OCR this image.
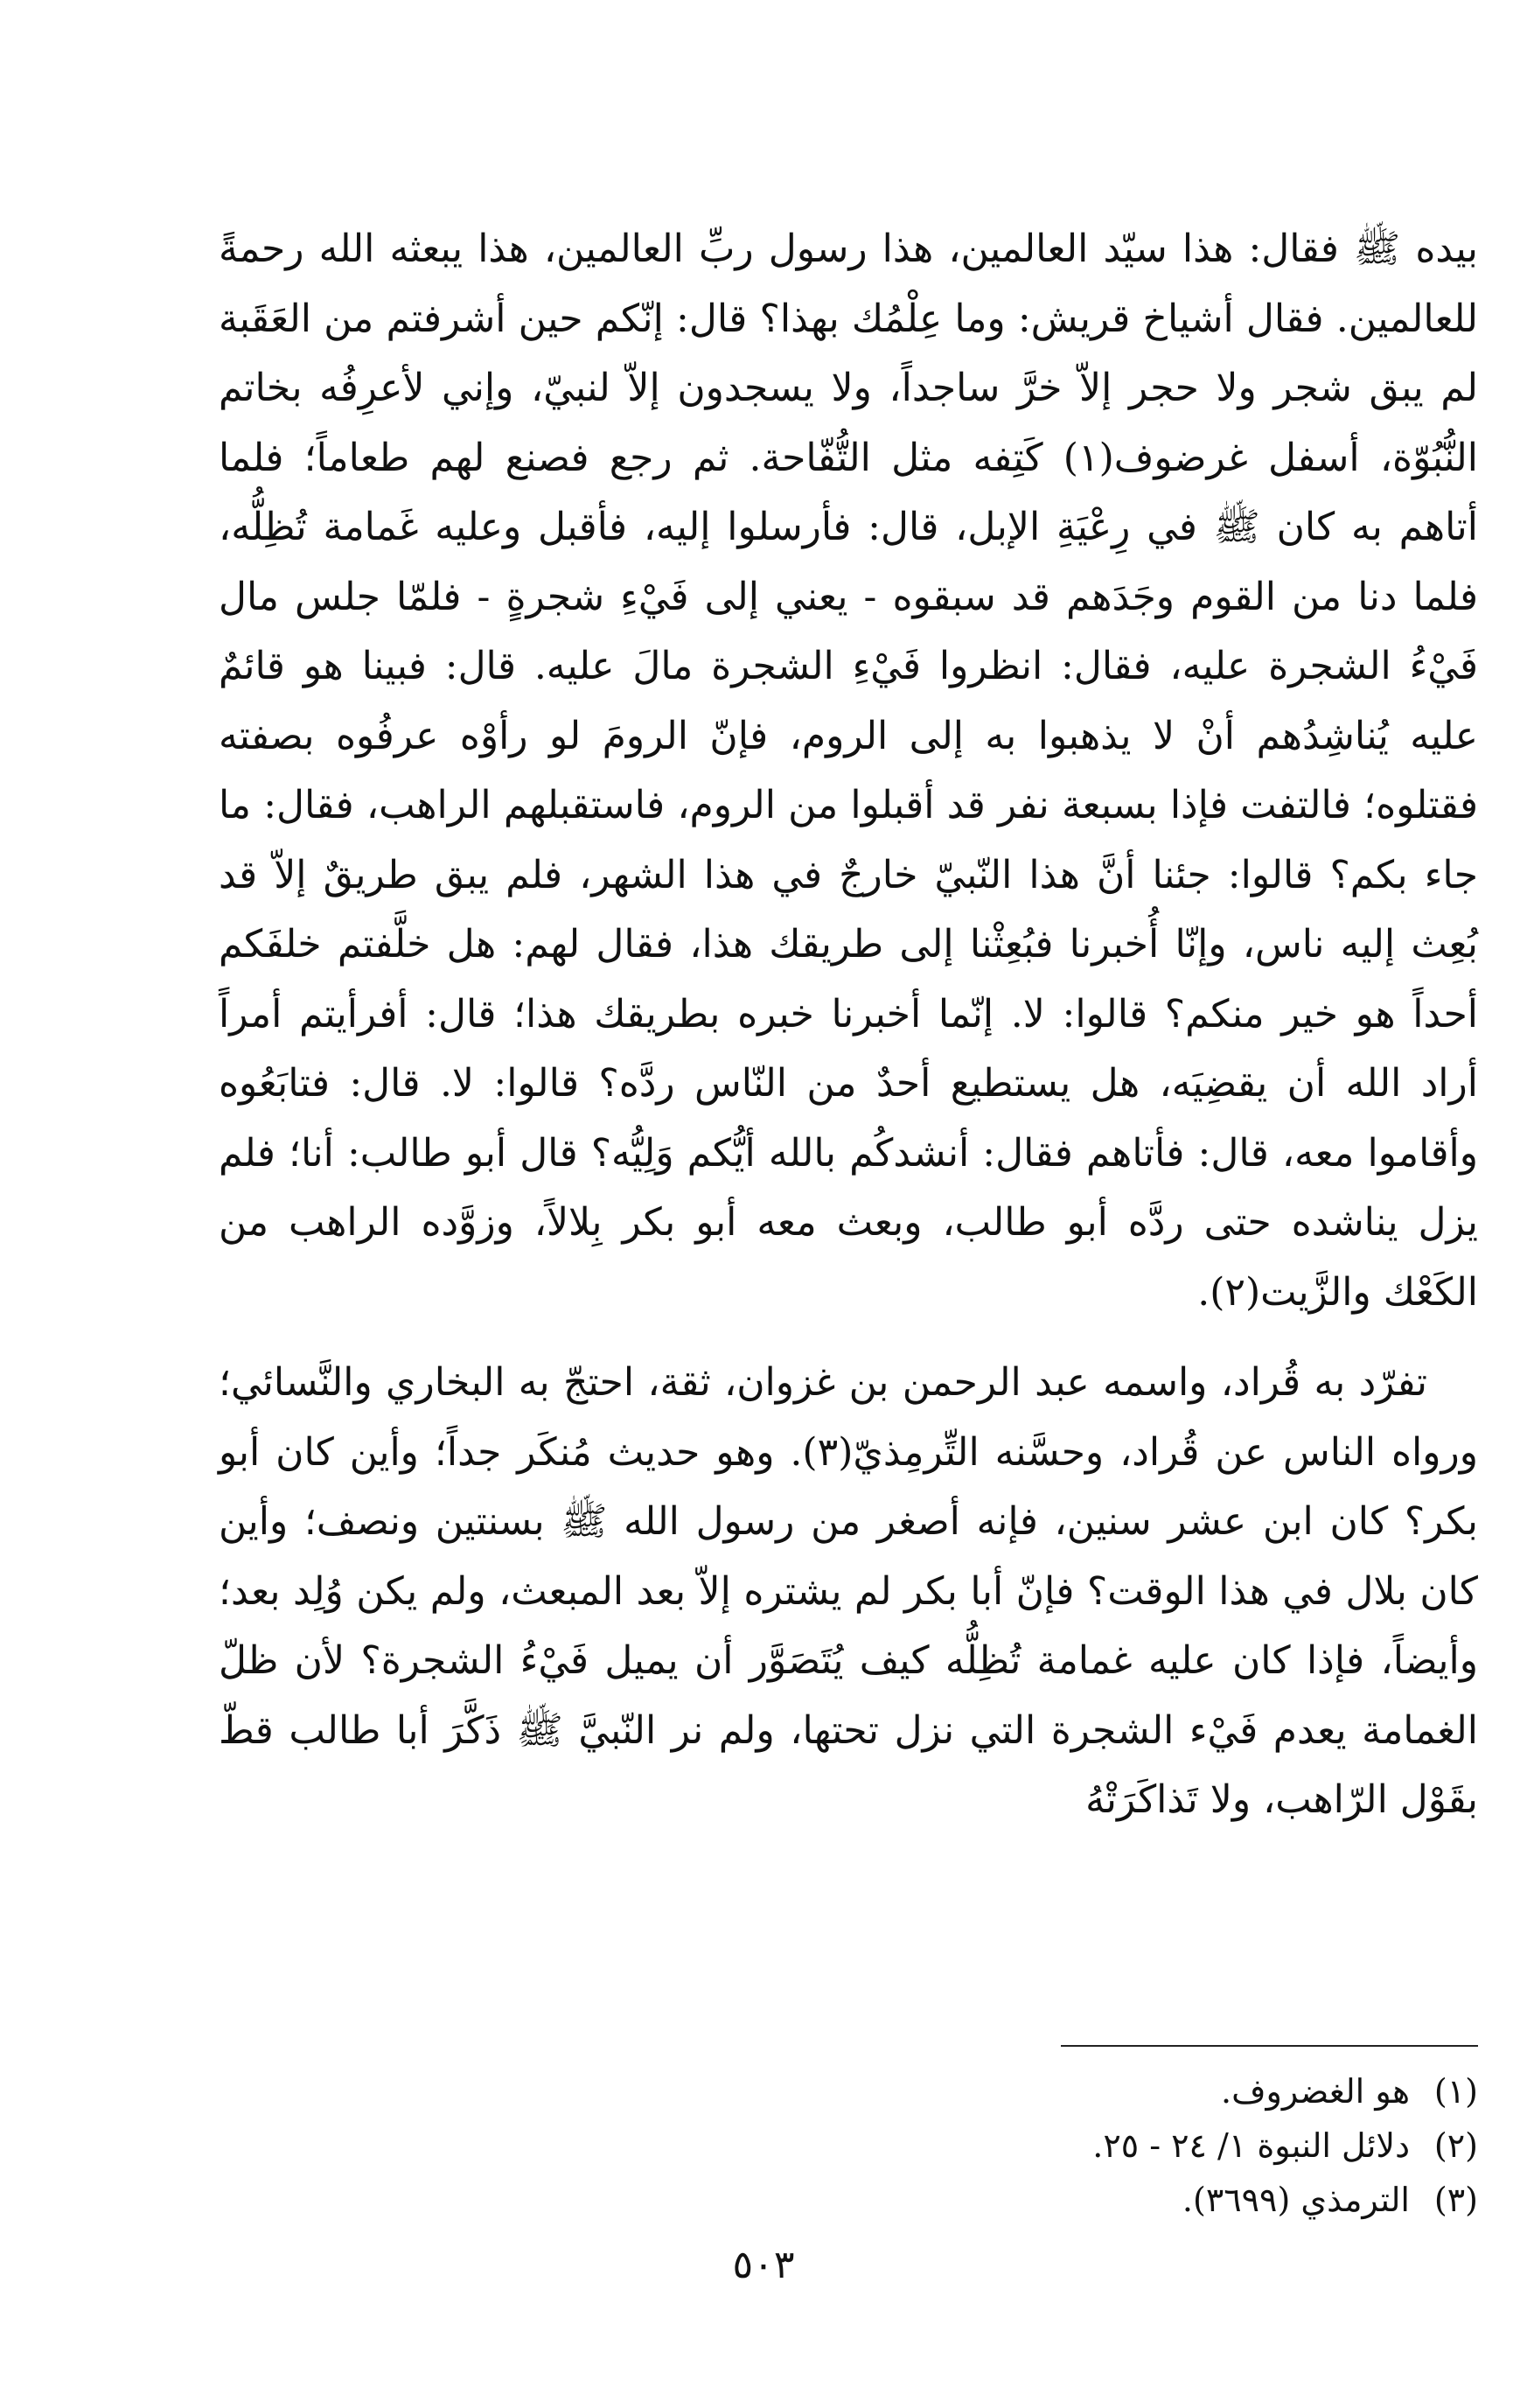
بيده ﷺ فقال: هذا سيّد العالمين، هذا رسول ربِّ العالمين، هذا يبعثه الله رحمةً للعالمين. فقال أشياخ قريش: وما عِلْمُك بهذا؟ قال: إنّكم حين أشرفتم من العَقَبة لم يبق شجر ولا حجر إلاّ خرَّ ساجداً، ولا يسجدون إلاّ لنبيّ، وإني لأعرِفُه بخاتم النُّبُوّة، أسفل غرضوف(١) كَتِفه مثل التُّفّاحة. ثم رجع فصنع لهم طعاماً؛ فلما أتاهم به كان ﷺ في رِعْيَةِ الإبل، قال: فأرسلوا إليه، فأقبل وعليه غَمامة تُظِلُّه، فلما دنا من القوم وجَدَهم قد سبقوه - يعني إلى فَيْءِ شجرةٍ - فلمّا جلس مال فَيْءُ الشجرة عليه، فقال: انظروا فَيْءِ الشجرة مالَ عليه. قال: فبينا هو قائمٌ عليه يُناشِدُهم أنْ لا يذهبوا به إلى الروم، فإنّ الرومَ لو رأوْه عرفُوه بصفته فقتلوه؛ فالتفت فإذا بسبعة نفر قد أقبلوا من الروم، فاستقبلهم الراهب، فقال: ما جاء بكم؟ قالوا: جئنا أنَّ هذا النّبيّ خارجٌ في هذا الشهر، فلم يبق طريقٌ إلاّ قد بُعِث إليه ناس، وإنّا أُخبرنا فبُعِثْنا إلى طريقك هذا، فقال لهم: هل خلَّفتم خلفَكم أحداً هو خير منكم؟ قالوا: لا. إنّما أخبرنا خبره بطريقك هذا؛ قال: أفرأيتم أمراً أراد الله أن يقضِيَه، هل يستطيع أحدٌ من النّاس ردَّه؟ قالوا: لا. قال: فتابَعُوه وأقاموا معه، قال: فأتاهم فقال: أنشدكُم بالله أيُّكم وَلِيُّه؟ قال أبو طالب: أنا؛ فلم يزل يناشده حتى ردَّه أبو طالب، وبعث معه أبو بكر بِلالاً، وزوَّده الراهب من الكَعْك والزَّيت(٢).

تفرّد به قُراد، واسمه عبد الرحمن بن غزوان، ثقة، احتجّ به البخاري والنَّسائي؛ ورواه الناس عن قُراد، وحسَّنه التِّرمِذيّ(٣). وهو حديث مُنكَر جداً؛ وأين كان أبو بكر؟ كان ابن عشر سنين، فإنه أصغر من رسول الله ﷺ بسنتين ونصف؛ وأين كان بلال في هذا الوقت؟ فإنّ أبا بكر لم يشتره إلاّ بعد المبعث، ولم يكن وُلِد بعد؛ وأيضاً، فإذا كان عليه غمامة تُظِلُّه كيف يُتَصَوَّر أن يميل فَيْءُ الشجرة؟ لأن ظلّ الغمامة يعدم فَيْء الشجرة التي نزل تحتها، ولم نر النّبيَّ ﷺ ذَكَّرَ أبا طالب قطّ بقَوْل الرّاهب، ولا تَذاكَرَتْهُ

(١)
هو الغضروف.
(٢)
دلائل النبوة ١/ ٢٤ - ٢٥.
(٣)
الترمذي (٣٦٩٩).
٥٠٣
